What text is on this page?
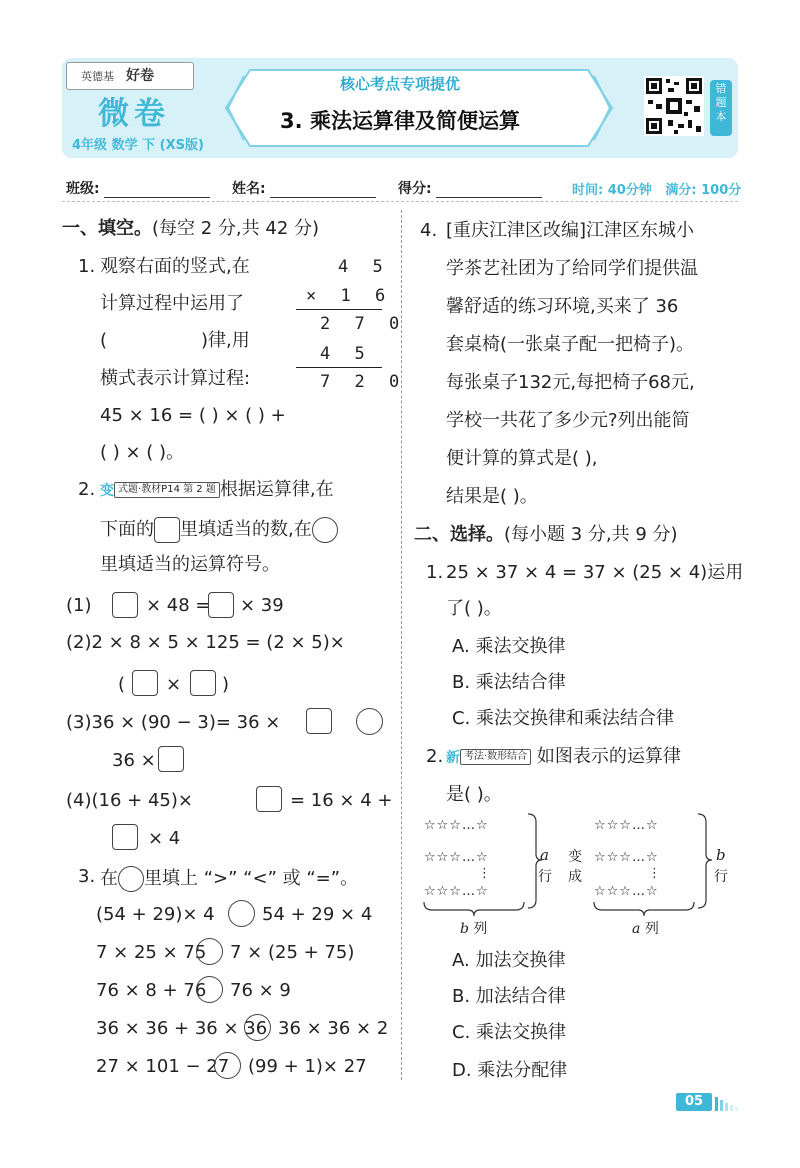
英德基 好卷
微卷
4年级 数学 下 (XS版)
核心考点专项提优
3. 乘法运算律及简便运算
错
题
本
班级:	姓名:	得分:	时间: 40分钟 满分: 100分
一、填空。(每空 2 分,共 42 分)
1. 观察右面的竖式,在
计算过程中运用了
(	)律,用
横式表示计算过程:
45 × 16 = ( ) × ( ) +
( ) × ( )。
4 5
× 1 6
2 7 0
4 5
7 2 0
2. 变 式题·教材P14 第 2 题 根据运算律,在
下面的 里填适当的数,在
里填适当的运算符号。
(1)	× 48 = × 39
(2)2 × 8 × 5 × 125 = (2 × 5)×
( × )
(3)36 × (90 − 3)= 36 ×
36 ×
(4)(16 + 45)×	= 16 × 4 +
× 4
3. 在 里填上 “>” “<” 或 “=”。
(54 + 29)× 4	54 + 29 × 4
7 × 25 × 75 7 × (25 + 75)
76 × 8 + 76 76 × 9
36 × 36 + 36 × 36 36 × 36 × 2
27 × 101 − 27 (99 + 1)× 27
4. [重庆江津区改编]江津区东城小
学茶艺社团为了给同学们提供温
馨舒适的练习环境,买来了 36
套桌椅(一张桌子配一把椅子)。
每张桌子132元,每把椅子68元,
学校一共花了多少元?列出能简
便计算的算式是( ),
结果是( )。
二、选择。(每小题 3 分,共 9 分)
1. 25 × 37 × 4 = 37 × (25 × 4)运用
了( )。
A. 乘法交换律
B. 乘法结合律
C. 乘法交换律和乘法结合律
2. 新 考法·数形结合 如图表示的运算律
是( )。
☆☆☆…☆
☆☆☆…☆
⋮
☆☆☆…☆
a
行
b 列
变
成
☆☆☆…☆
☆☆☆…☆
⋮
☆☆☆…☆
b
行
a 列
A. 加法交换律
B. 加法结合律
C. 乘法交换律
D. 乘法分配律
05
